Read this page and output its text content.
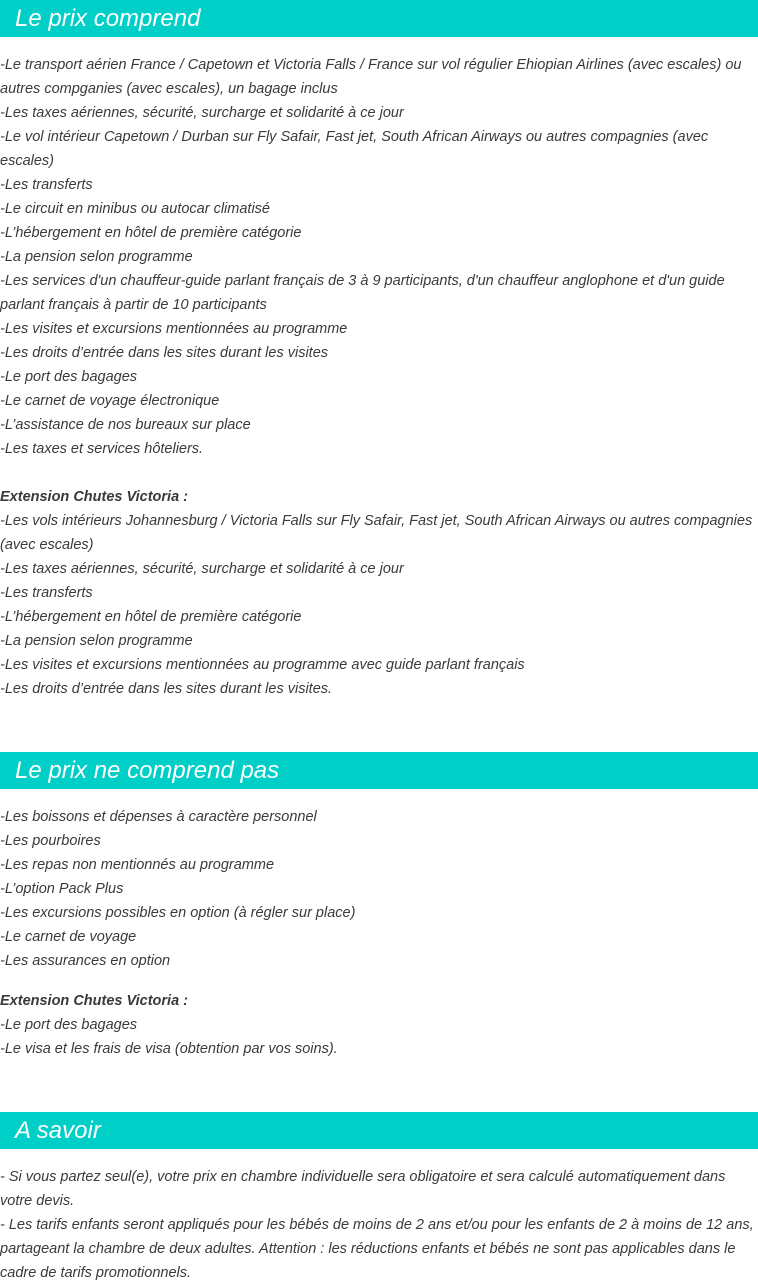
Le prix comprend
-Le transport aérien France / Capetown et Victoria Falls / France sur vol régulier Ehiopian Airlines (avec escales) ou autres compganies (avec escales), un bagage inclus
-Les taxes aériennes, sécurité, surcharge et solidarité à ce jour
-Le vol intérieur Capetown / Durban sur Fly Safair, Fast jet, South African Airways ou autres compagnies (avec escales)
-Les transferts
-Le circuit en minibus ou autocar climatisé
-L’hébergement en hôtel de première catégorie
-La pension selon programme
-Les services d'un chauffeur-guide parlant français de 3 à 9 participants, d'un chauffeur anglophone et d'un guide parlant français à partir de 10 participants
-Les visites et excursions mentionnées au programme
-Les droits d’entrée dans les sites durant les visites
-Le port des bagages
-Le carnet de voyage électronique
-L’assistance de nos bureaux sur place
-Les taxes et services hôteliers.
Extension Chutes Victoria :
-Les vols intérieurs Johannesburg / Victoria Falls sur Fly Safair, Fast jet, South African Airways ou autres compagnies (avec escales)
-Les taxes aériennes, sécurité, surcharge et solidarité à ce jour
-Les transferts
-L’hébergement en hôtel de première catégorie
-La pension selon programme
-Les visites et excursions mentionnées au programme avec guide parlant français
-Les droits d’entrée dans les sites durant les visites.
Le prix ne comprend pas
-Les boissons et dépenses à caractère personnel
-Les pourboires
-Les repas non mentionnés au programme
-L’option Pack Plus
-Les excursions possibles en option (à régler sur place)
-Le carnet de voyage
-Les assurances en option
Extension Chutes Victoria :
-Le port des bagages
-Le visa et les frais de visa (obtention par vos soins).
A savoir
- Si vous partez seul(e), votre prix en chambre individuelle sera obligatoire et sera calculé automatiquement dans votre devis.
- Les tarifs enfants seront appliqués pour les bébés de moins de 2 ans et/ou pour les enfants de 2 à moins de 12 ans, partageant la chambre de deux adultes. Attention : les réductions enfants et bébés ne sont pas applicables dans le cadre de tarifs promotionnels.
